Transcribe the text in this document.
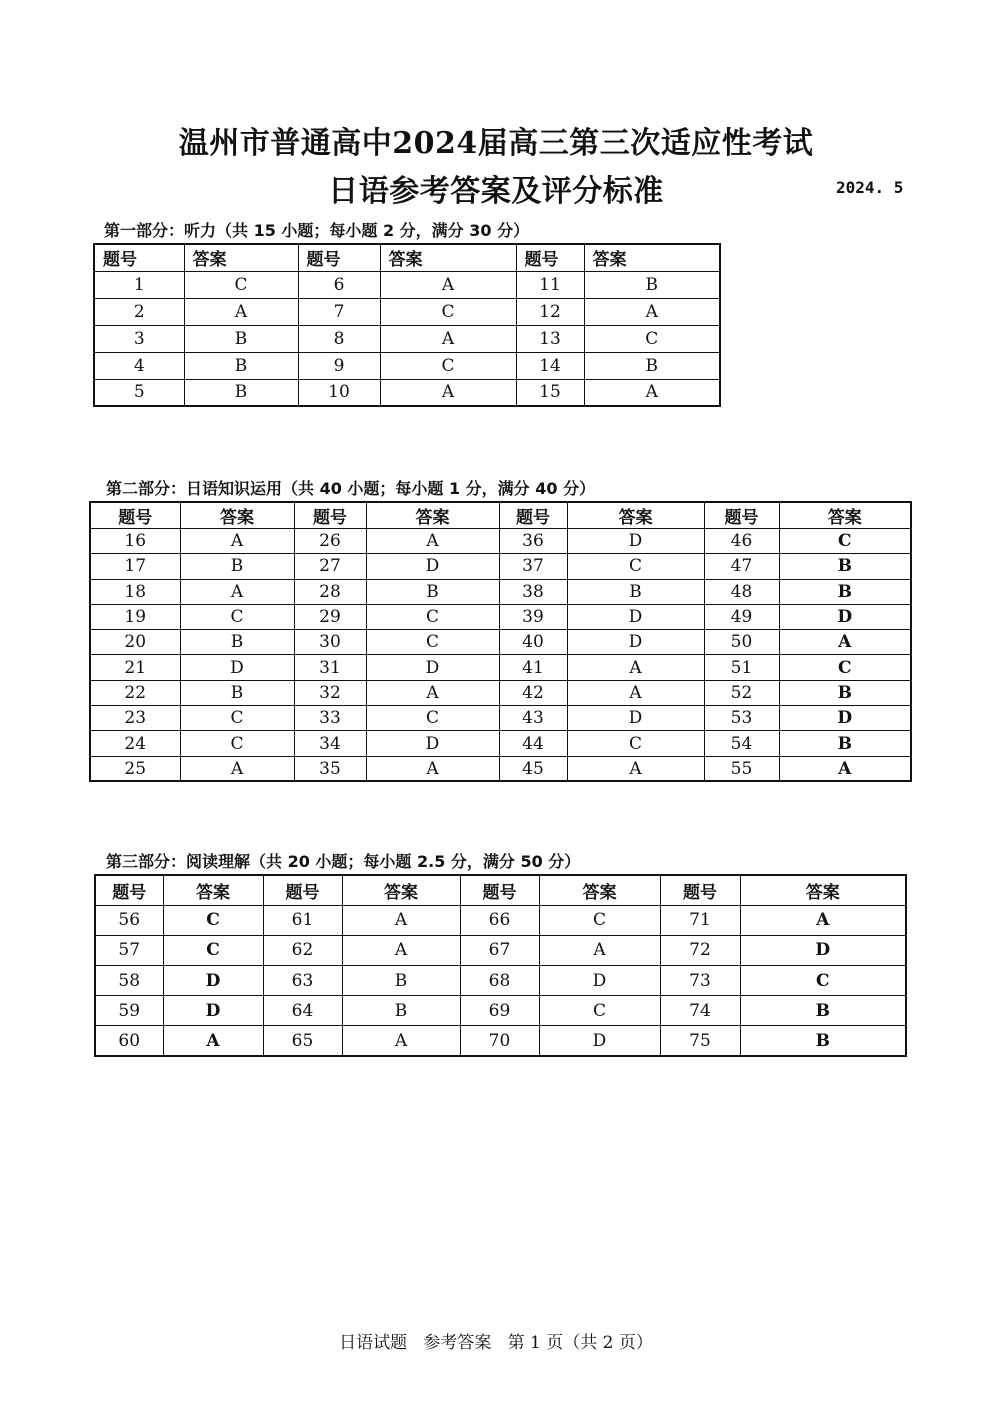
温州市普通高中2024届高三第三次适应性考试
日语参考答案及评分标准	2024. 5
第一部分：听力（共 15 小题；每小题 2 分，满分 30 分）
题号	答案	题号	答案	题号	答案
1	C	6	A	11	B
2	A	7	C	12	A
3	B	8	A	13	C
4	B	9	C	14	B
5	B	10	A	15	A
第二部分：日语知识运用（共 40 小题；每小题 1 分，满分 40 分）
题号	答案	题号	答案	题号	答案	题号	答案
16	A	26	A	36	D	46	C
17	B	27	D	37	C	47	B
18	A	28	B	38	B	48	B
19	C	29	C	39	D	49	D
20	B	30	C	40	D	50	A
21	D	31	D	41	A	51	C
22	B	32	A	42	A	52	B
23	C	33	C	43	D	53	D
24	C	34	D	44	C	54	B
25	A	35	A	45	A	55	A
第三部分：阅读理解（共 20 小题；每小题 2.5 分，满分 50 分）
题号	答案	题号	答案	题号	答案	题号	答案
56	C	61	A	66	C	71	A
57	C	62	A	67	A	72	D
58	D	63	B	68	D	73	C
59	D	64	B	69	C	74	B
60	A	65	A	70	D	75	B
日语试题   参考答案   第 1 页（共 2 页）
